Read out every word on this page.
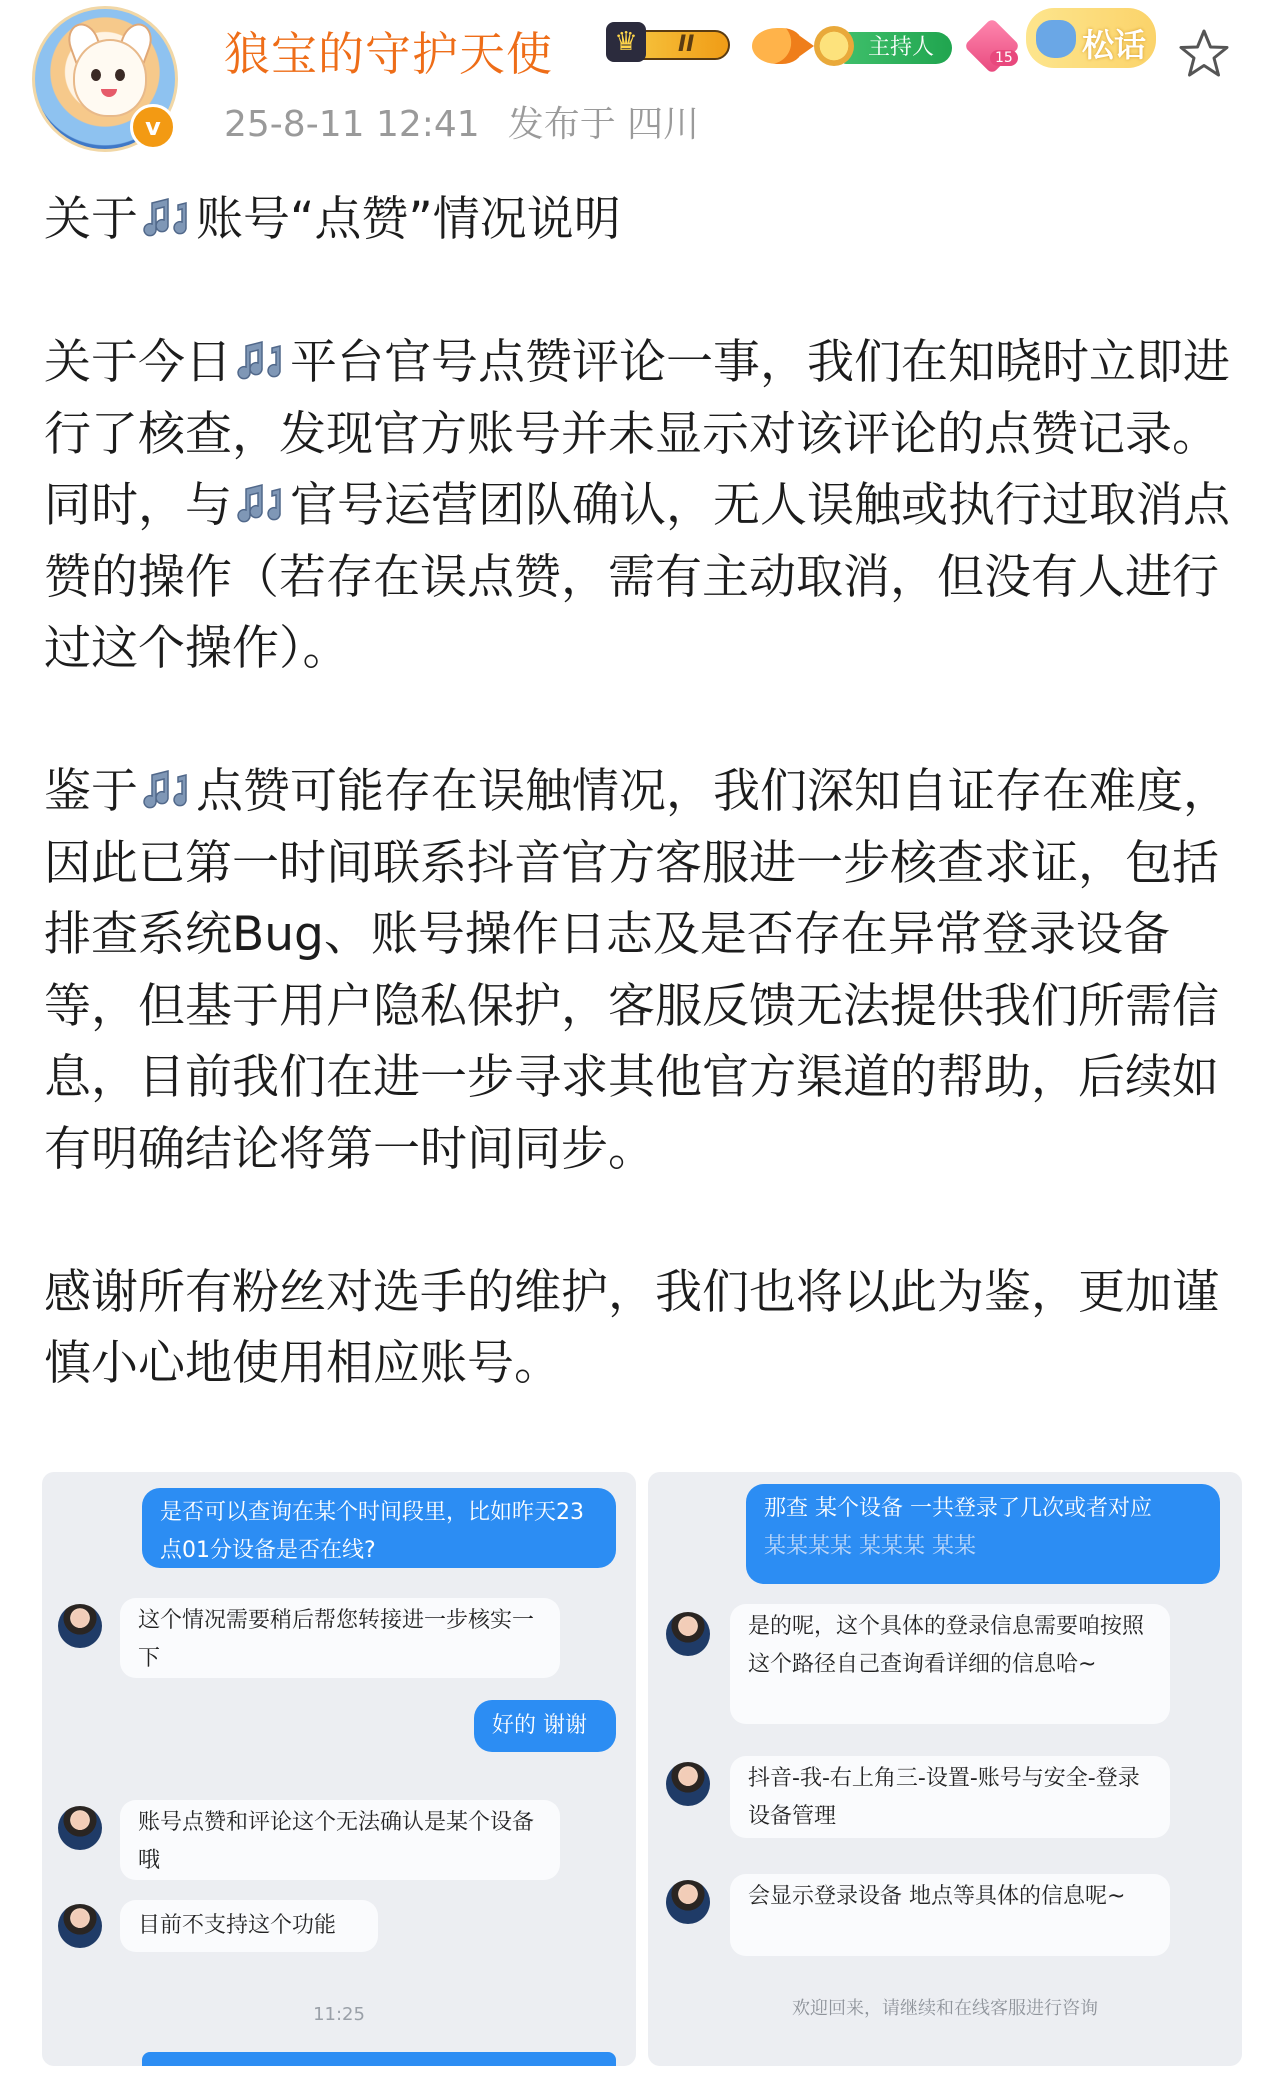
v
狼宝的守护天使	♛	II	主持人	15 松话
25-8-11 12:41 发布于 四川

关于 账号“点赞”情况说明

关于今日 平台官号点赞评论一事，我们在知晓时立即进行了核查，发现官方账号并未显示对该评论的点赞记录。同时，与 官号运营团队确认，无人误触或执行过取消点赞的操作（若存在误点赞，需有主动取消，但没有人进行过这个操作）。

鉴于 点赞可能存在误触情况，我们深知自证存在难度，因此已第一时间联系抖音官方客服进一步核查求证，包括排查系统Bug、账号操作日志及是否存在异常登录设备等，但基于用户隐私保护，客服反馈无法提供我们所需信息，目前我们在进一步寻求其他官方渠道的帮助，后续如有明确结论将第一时间同步。

感谢所有粉丝对选手的维护，我们也将以此为鉴，更加谨慎小心地使用相应账号。

是否可以查询在某个时间段里，比如昨天23点01分设备是否在线?
这个情况需要稍后帮您转接进一步核实一下
好的 谢谢
账号点赞和评论这个无法确认是某个设备哦
目前不支持这个功能
11:25
那查 某个设备 一共登录了几次或者对应
某某某某 某某某 某某
是的呢，这个具体的登录信息需要咱按照这个路径自己查询看详细的信息哈~
抖音-我-右上角三-设置-账号与安全-登录设备管理
会显示登录设备 地点等具体的信息呢~
欢迎回来，请继续和在线客服进行咨询
